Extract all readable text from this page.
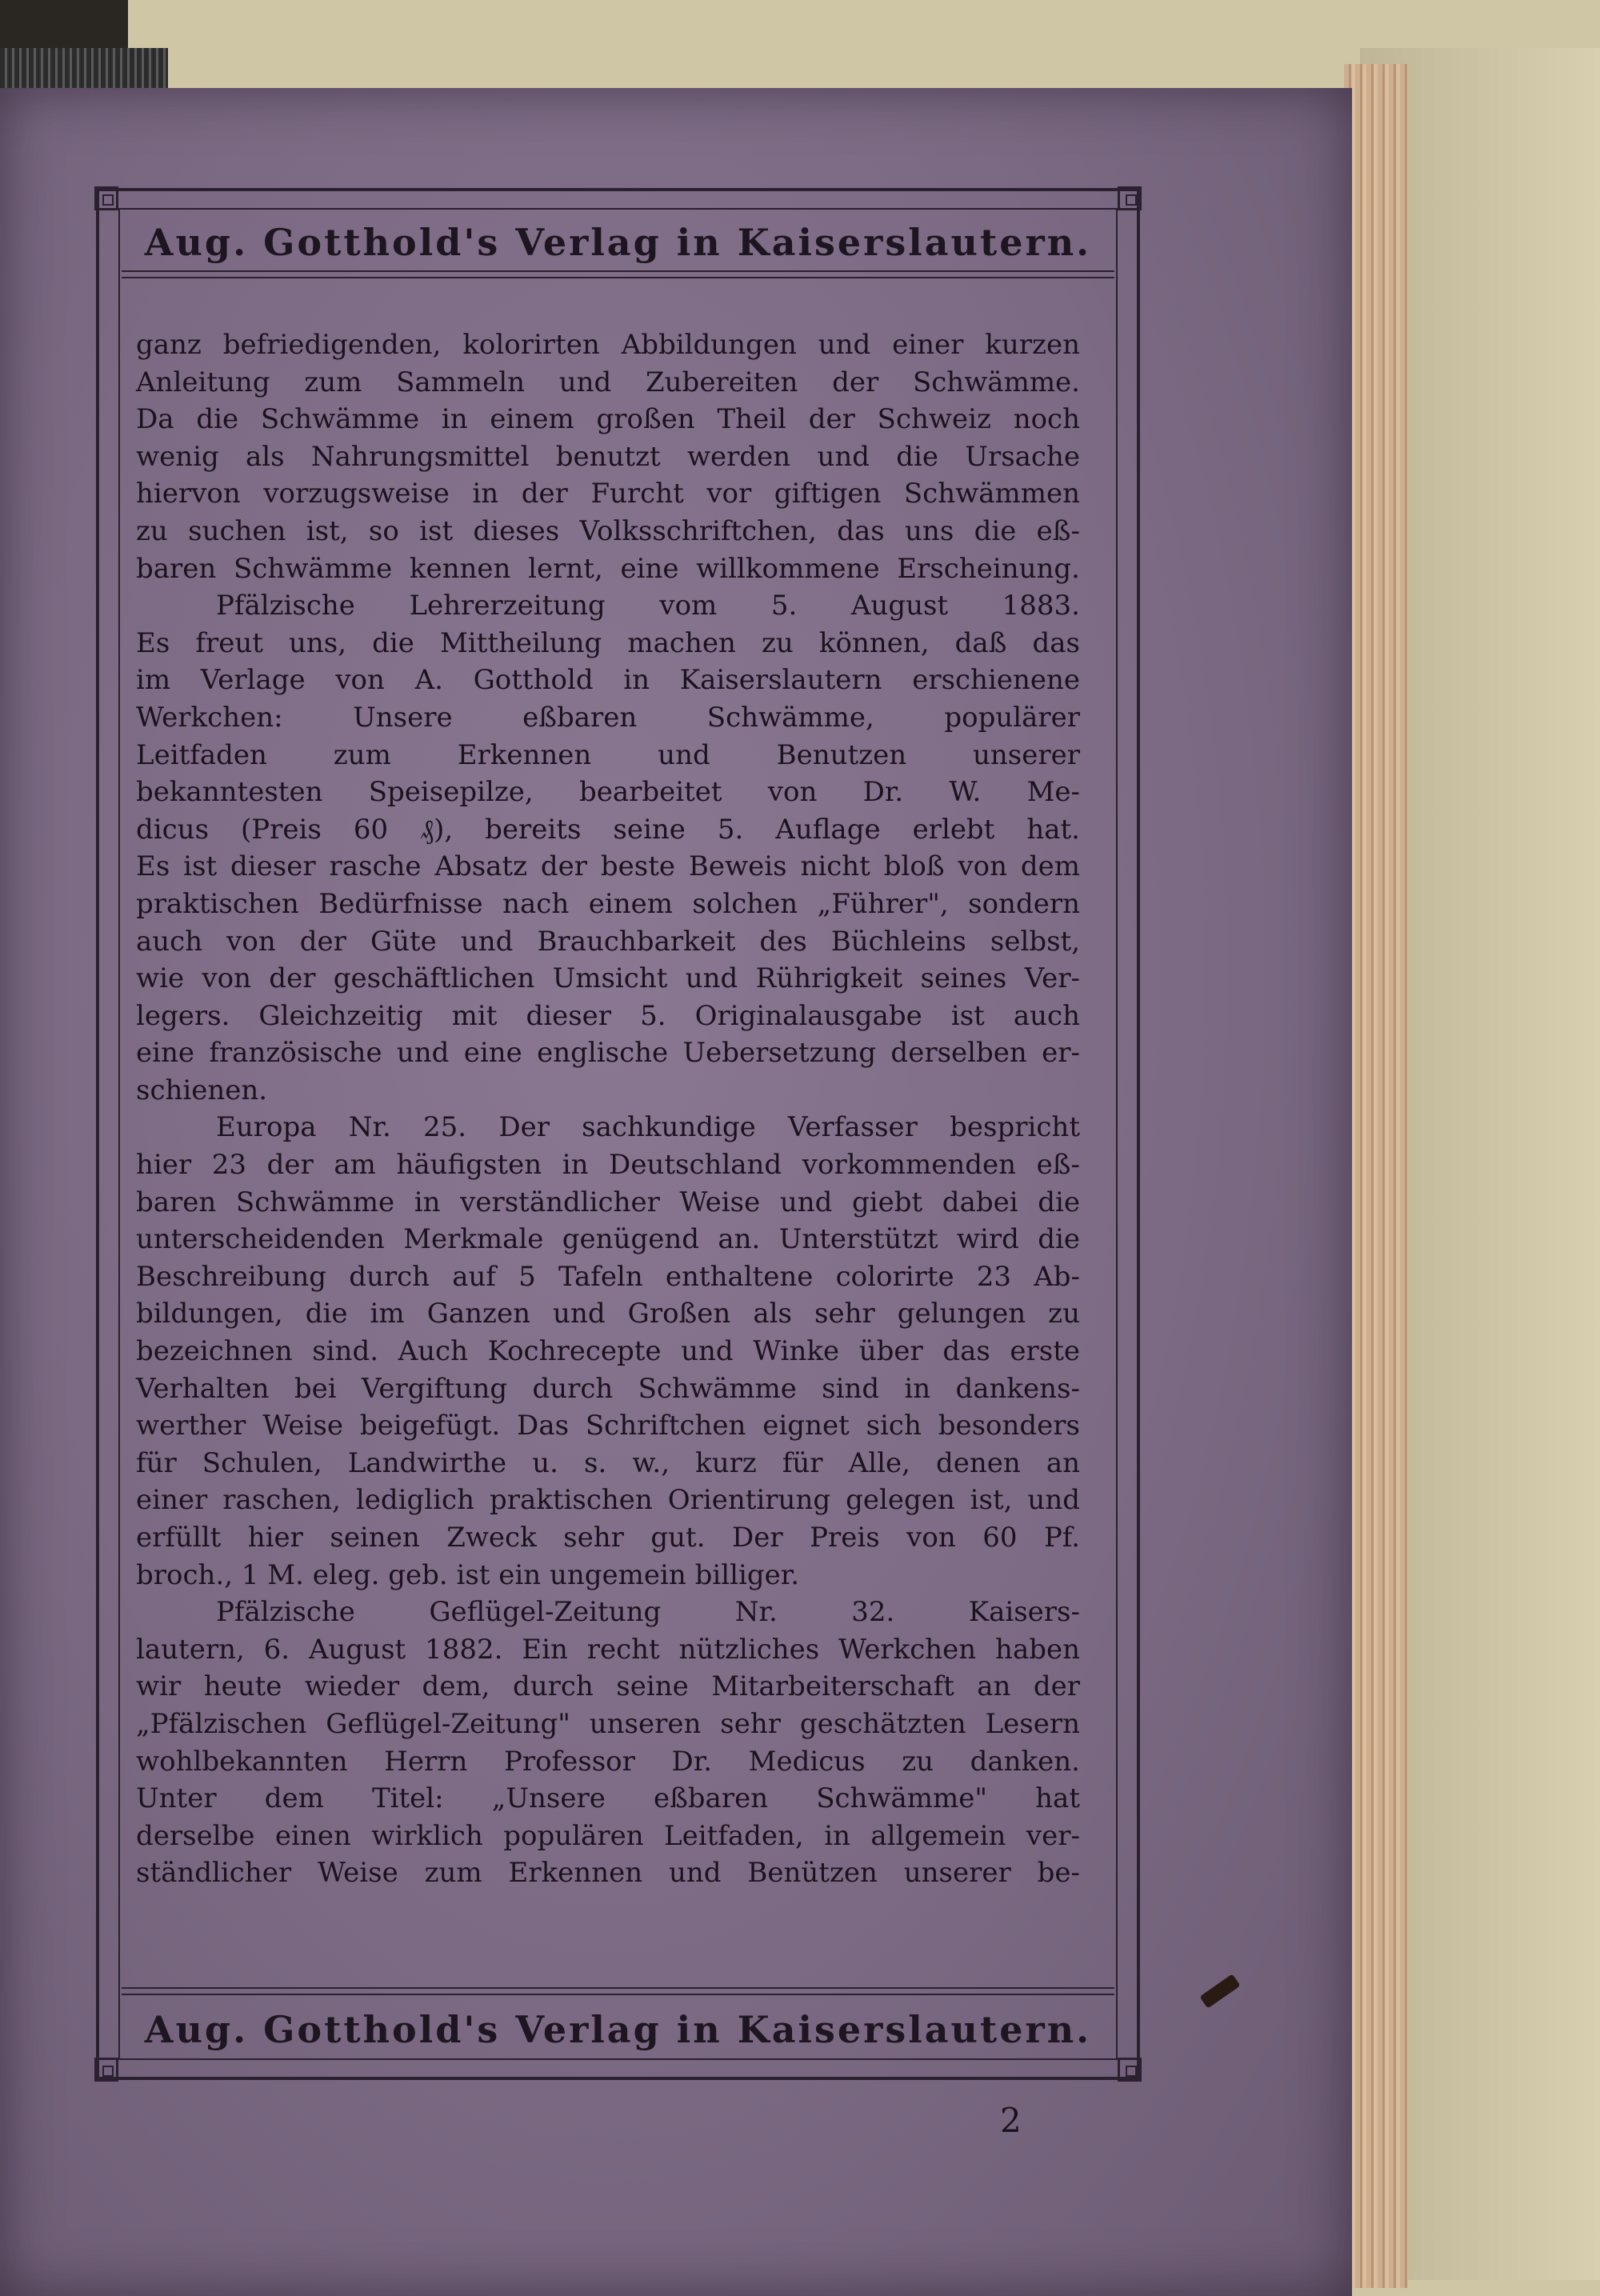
Aug. Gotthold's Verlag in Kaiserslautern.
ganz befriedigenden, kolorirten Abbildungen und einer kurzen
Anleitung zum Sammeln und Zubereiten der Schwämme.
Da die Schwämme in einem großen Theil der Schweiz noch
wenig als Nahrungsmittel benutzt werden und die Ursache
hiervon vorzugsweise in der Furcht vor giftigen Schwämmen
zu suchen ist, so ist dieses Volksschriftchen, das uns die eß-
baren Schwämme kennen lernt, eine willkommene Erscheinung.
Pfälzische Lehrerzeitung vom 5. August 1883.
Es freut uns, die Mittheilung machen zu können, daß das
im Verlage von A. Gotthold in Kaiserslautern erschienene
Werkchen: Unsere eßbaren Schwämme, populärer
Leitfaden zum Erkennen und Benutzen unserer
bekanntesten Speisepilze, bearbeitet von Dr. W. Me-
dicus (Preis 60 ₰), bereits seine 5. Auflage erlebt hat.
Es ist dieser rasche Absatz der beste Beweis nicht bloß von dem
praktischen Bedürfnisse nach einem solchen „Führer", sondern
auch von der Güte und Brauchbarkeit des Büchleins selbst,
wie von der geschäftlichen Umsicht und Rührigkeit seines Ver-
legers. Gleichzeitig mit dieser 5. Originalausgabe ist auch
eine französische und eine englische Uebersetzung derselben er-
schienen.
Europa Nr. 25. Der sachkundige Verfasser bespricht
hier 23 der am häufigsten in Deutschland vorkommenden eß-
baren Schwämme in verständlicher Weise und giebt dabei die
unterscheidenden Merkmale genügend an. Unterstützt wird die
Beschreibung durch auf 5 Tafeln enthaltene colorirte 23 Ab-
bildungen, die im Ganzen und Großen als sehr gelungen zu
bezeichnen sind. Auch Kochrecepte und Winke über das erste
Verhalten bei Vergiftung durch Schwämme sind in dankens-
werther Weise beigefügt. Das Schriftchen eignet sich besonders
für Schulen, Landwirthe u. s. w., kurz für Alle, denen an
einer raschen, lediglich praktischen Orientirung gelegen ist, und
erfüllt hier seinen Zweck sehr gut. Der Preis von 60 Pf.
broch., 1 M. eleg. geb. ist ein ungemein billiger.
Pfälzische Geflügel-Zeitung Nr. 32. Kaisers-
lautern, 6. August 1882. Ein recht nützliches Werkchen haben
wir heute wieder dem, durch seine Mitarbeiterschaft an der
„Pfälzischen Geflügel-Zeitung" unseren sehr geschätzten Lesern
wohlbekannten Herrn Professor Dr. Medicus zu danken.
Unter dem Titel: „Unsere eßbaren Schwämme" hat
derselbe einen wirklich populären Leitfaden, in allgemein ver-
ständlicher Weise zum Erkennen und Benützen unserer be-
Aug. Gotthold's Verlag in Kaiserslautern.
2
